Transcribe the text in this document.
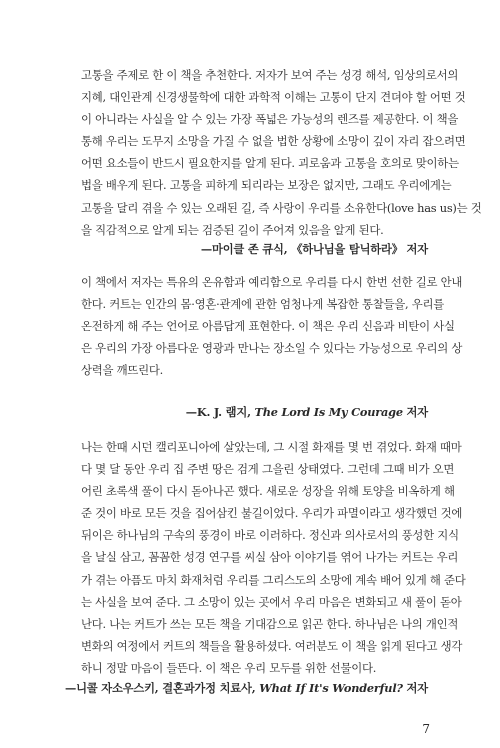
고통을 주제로 한 이 책을 추천한다. 저자가 보여 주는 성경 해석, 임상의로서의
지혜, 대인관계 신경생물학에 대한 과학적 이해는 고통이 단지 견뎌야 할 어떤 것
이 아니라는 사실을 알 수 있는 가장 폭넓은 가능성의 렌즈를 제공한다. 이 책을
통해 우리는 도무지 소망을 가질 수 없을 법한 상황에 소망이 깊이 자리 잡으려면
어떤 요소들이 반드시 필요한지를 알게 된다. 괴로움과 고통을 호의로 맞이하는
법을 배우게 된다. 고통을 피하게 되리라는 보장은 없지만, 그래도 우리에게는
고통을 달리 겪을 수 있는 오래된 길, 즉 사랑이 우리를 소유한다(love has us)는 것
을 직감적으로 알게 되는 검증된 길이 주어져 있음을 알게 된다.

—마이클 존 큐식, 《하나님을 탐닉하라》 저자

이 책에서 저자는 특유의 온유함과 예리함으로 우리를 다시 한번 선한 길로 안내
한다. 커트는 인간의 몸·영혼·관계에 관한 엄청나게 복잡한 통찰들을, 우리를
온전하게 해 주는 언어로 아름답게 표현한다. 이 책은 우리 신음과 비탄이 사실
은 우리의 가장 아름다운 영광과 만나는 장소일 수 있다는 가능성으로 우리의 상
상력을 깨뜨린다.

—K. J. 램지, The Lord Is My Courage 저자

나는 한때 시던 캘리포니아에 살았는데, 그 시절 화재를 몇 번 겪었다. 화재 때마
다 몇 달 동안 우리 집 주변 땅은 검게 그을린 상태였다. 그런데 그때 비가 오면
어린 초록색 풀이 다시 돋아나곤 했다. 새로운 성장을 위해 토양을 비옥하게 해
준 것이 바로 모든 것을 집어삼킨 불길이었다. 우리가 파멸이라고 생각했던 것에
뒤이은 하나님의 구속의 풍경이 바로 이러하다. 정신과 의사로서의 풍성한 지식
을 날실 삼고, 꼼꼼한 성경 연구를 씨실 삼아 이야기를 엮어 나가는 커트는 우리
가 겪는 아픔도 마치 화재처럼 우리를 그리스도의 소망에 계속 배어 있게 해 준다
는 사실을 보여 준다. 그 소망이 있는 곳에서 우리 마음은 변화되고 새 풀이 돋아
난다. 나는 커트가 쓰는 모든 책을 기대감으로 읽곤 한다. 하나님은 나의 개인적
변화의 여정에서 커트의 책들을 활용하셨다. 여러분도 이 책을 읽게 된다고 생각
하니 정말 마음이 들뜬다. 이 책은 우리 모두를 위한 선물이다.

—니콜 자소우스키, 결혼과가정 치료사, What If It's Wonderful? 저자

7
